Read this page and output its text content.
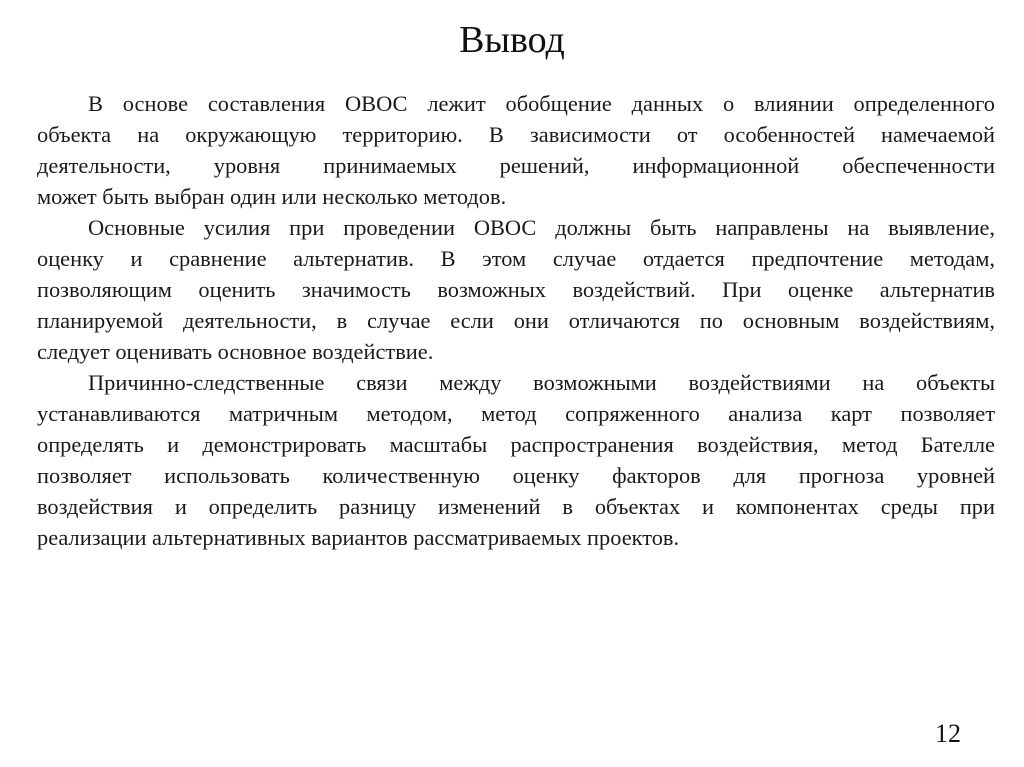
Вывод
В основе составления ОВОС лежит обобщение данных о влиянии определенного
объекта на окружающую территорию. В зависимости от особенностей намечаемой
деятельности, уровня принимаемых решений, информационной обеспеченности
может быть выбран один или несколько методов.
Основные усилия при проведении ОВОС должны быть направлены на выявление,
оценку и сравнение альтернатив. В этом случае отдается предпочтение методам,
позволяющим оценить значимость возможных воздействий. При оценке альтернатив
планируемой деятельности, в случае если они отличаются по основным воздействиям,
следует оценивать основное воздействие.
Причинно-следственные связи между возможными воздействиями на объекты
устанавливаются матричным методом, метод сопряженного анализа карт позволяет
определять и демонстрировать масштабы распространения воздействия, метод Бателле
позволяет использовать количественную оценку факторов для прогноза уровней
воздействия и определить разницу изменений в объектах и компонентах среды при
реализации альтернативных вариантов рассматриваемых проектов.
12
